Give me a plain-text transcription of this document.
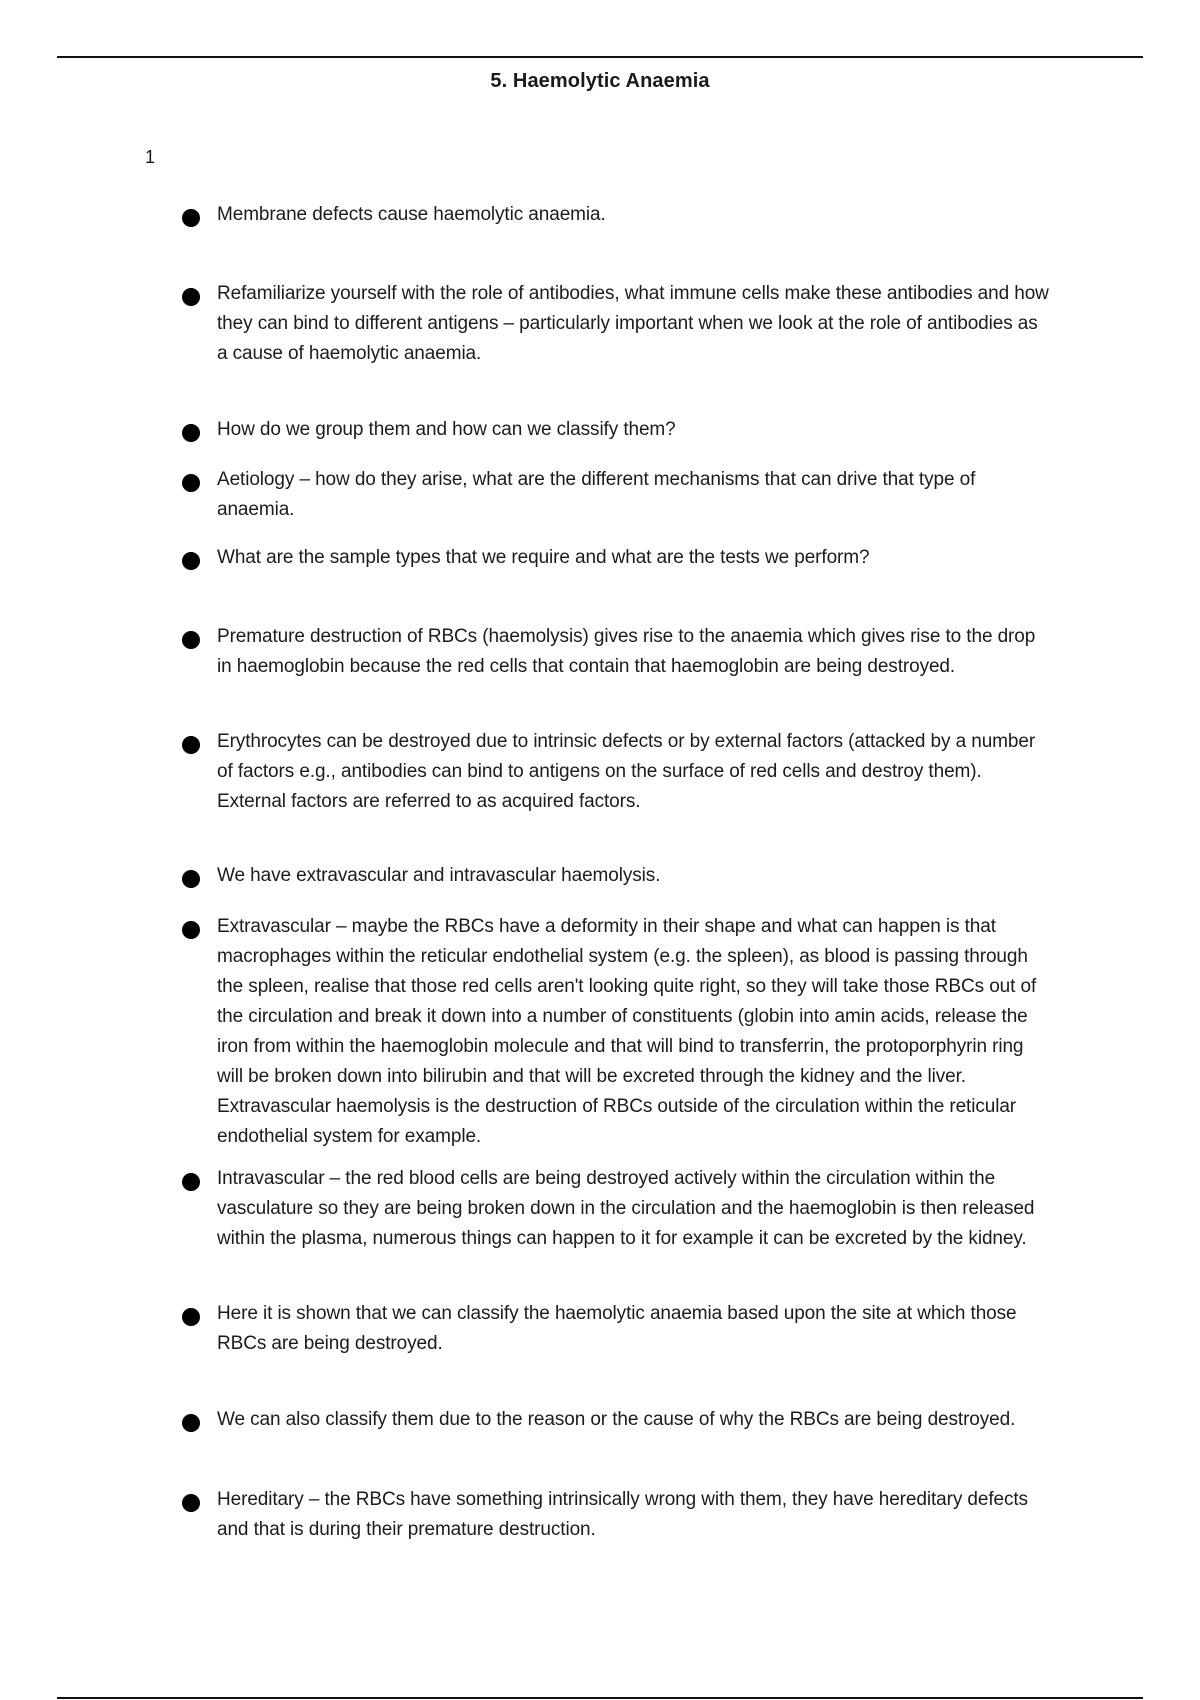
5. Haemolytic Anaemia
1
Membrane defects cause haemolytic anaemia.
Refamiliarize yourself with the role of antibodies, what immune cells make these antibodies and how they can bind to different antigens – particularly important when we look at the role of antibodies as a cause of haemolytic anaemia.
How do we group them and how can we classify them?
Aetiology – how do they arise, what are the different mechanisms that can drive that type of anaemia.
What are the sample types that we require and what are the tests we perform?
Premature destruction of RBCs (haemolysis) gives rise to the anaemia which gives rise to the drop in haemoglobin because the red cells that contain that haemoglobin are being destroyed.
Erythrocytes can be destroyed due to intrinsic defects or by external factors (attacked by a number of factors e.g., antibodies can bind to antigens on the surface of red cells and destroy them). External factors are referred to as acquired factors.
We have extravascular and intravascular haemolysis.
Extravascular – maybe the RBCs have a deformity in their shape and what can happen is that macrophages within the reticular endothelial system (e.g. the spleen), as blood is passing through the spleen, realise that those red cells aren't looking quite right, so they will take those RBCs out of the circulation and break it down into a number of constituents (globin into amin acids, release the iron from within the haemoglobin molecule and that will bind to transferrin, the protoporphyrin ring will be broken down into bilirubin and that will be excreted through the kidney and the liver. Extravascular haemolysis is the destruction of RBCs outside of the circulation within the reticular endothelial system for example.
Intravascular – the red blood cells are being destroyed actively within the circulation within the vasculature so they are being broken down in the circulation and the haemoglobin is then released within the plasma, numerous things can happen to it for example it can be excreted by the kidney.
Here it is shown that we can classify the haemolytic anaemia based upon the site at which those RBCs are being destroyed.
We can also classify them due to the reason or the cause of why the RBCs are being destroyed.
Hereditary – the RBCs have something intrinsically wrong with them, they have hereditary defects and that is during their premature destruction.
